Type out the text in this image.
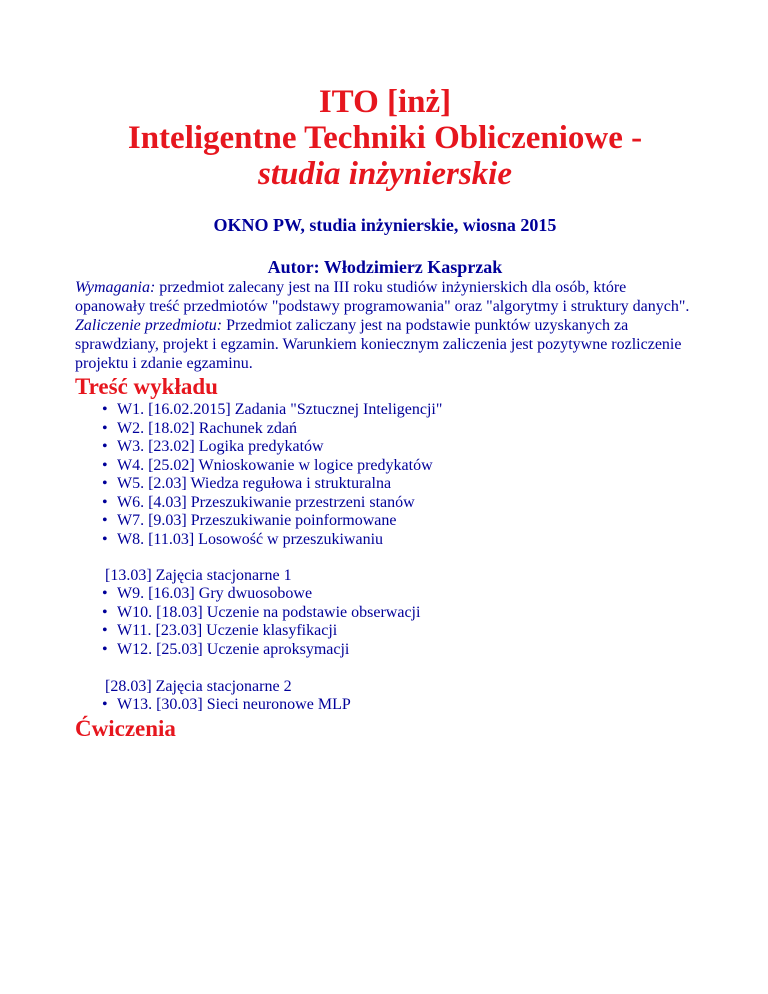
ITO [inż]
Inteligentne Techniki Obliczeniowe -
studia inżynierskie
OKNO PW, studia inżynierskie, wiosna 2015
Autor: Włodzimierz Kasprzak

Wymagania: przedmiot zalecany jest na III roku studiów inżynierskich dla osób, które opanowały treść przedmiotów "podstawy programowania" oraz "algorytmy i struktury danych".

Zaliczenie przedmiotu: Przedmiot zaliczany jest na podstawie punktów uzyskanych za sprawdziany, projekt i egzamin. Warunkiem koniecznym zaliczenia jest pozytywne rozliczenie projektu i zdanie egzaminu.

Treść wykładu
• W1. [16.02.2015] Zadania "Sztucznej Inteligencji"
• W2. [18.02] Rachunek zdań
• W3. [23.02] Logika predykatów
• W4. [25.02] Wnioskowanie w logice predykatów
• W5. [2.03] Wiedza regułowa i strukturalna
• W6. [4.03] Przeszukiwanie przestrzeni stanów
• W7. [9.03] Przeszukiwanie poinformowane
• W8. [11.03] Losowość w przeszukiwaniu

[13.03] Zajęcia stacjonarne 1

• W9. [16.03] Gry dwuosobowe
• W10. [18.03] Uczenie na podstawie obserwacji
• W11. [23.03] Uczenie klasyfikacji
• W12. [25.03] Uczenie aproksymacji

[28.03] Zajęcia stacjonarne 2

• W13. [30.03] Sieci neuronowe MLP
Ćwiczenia
